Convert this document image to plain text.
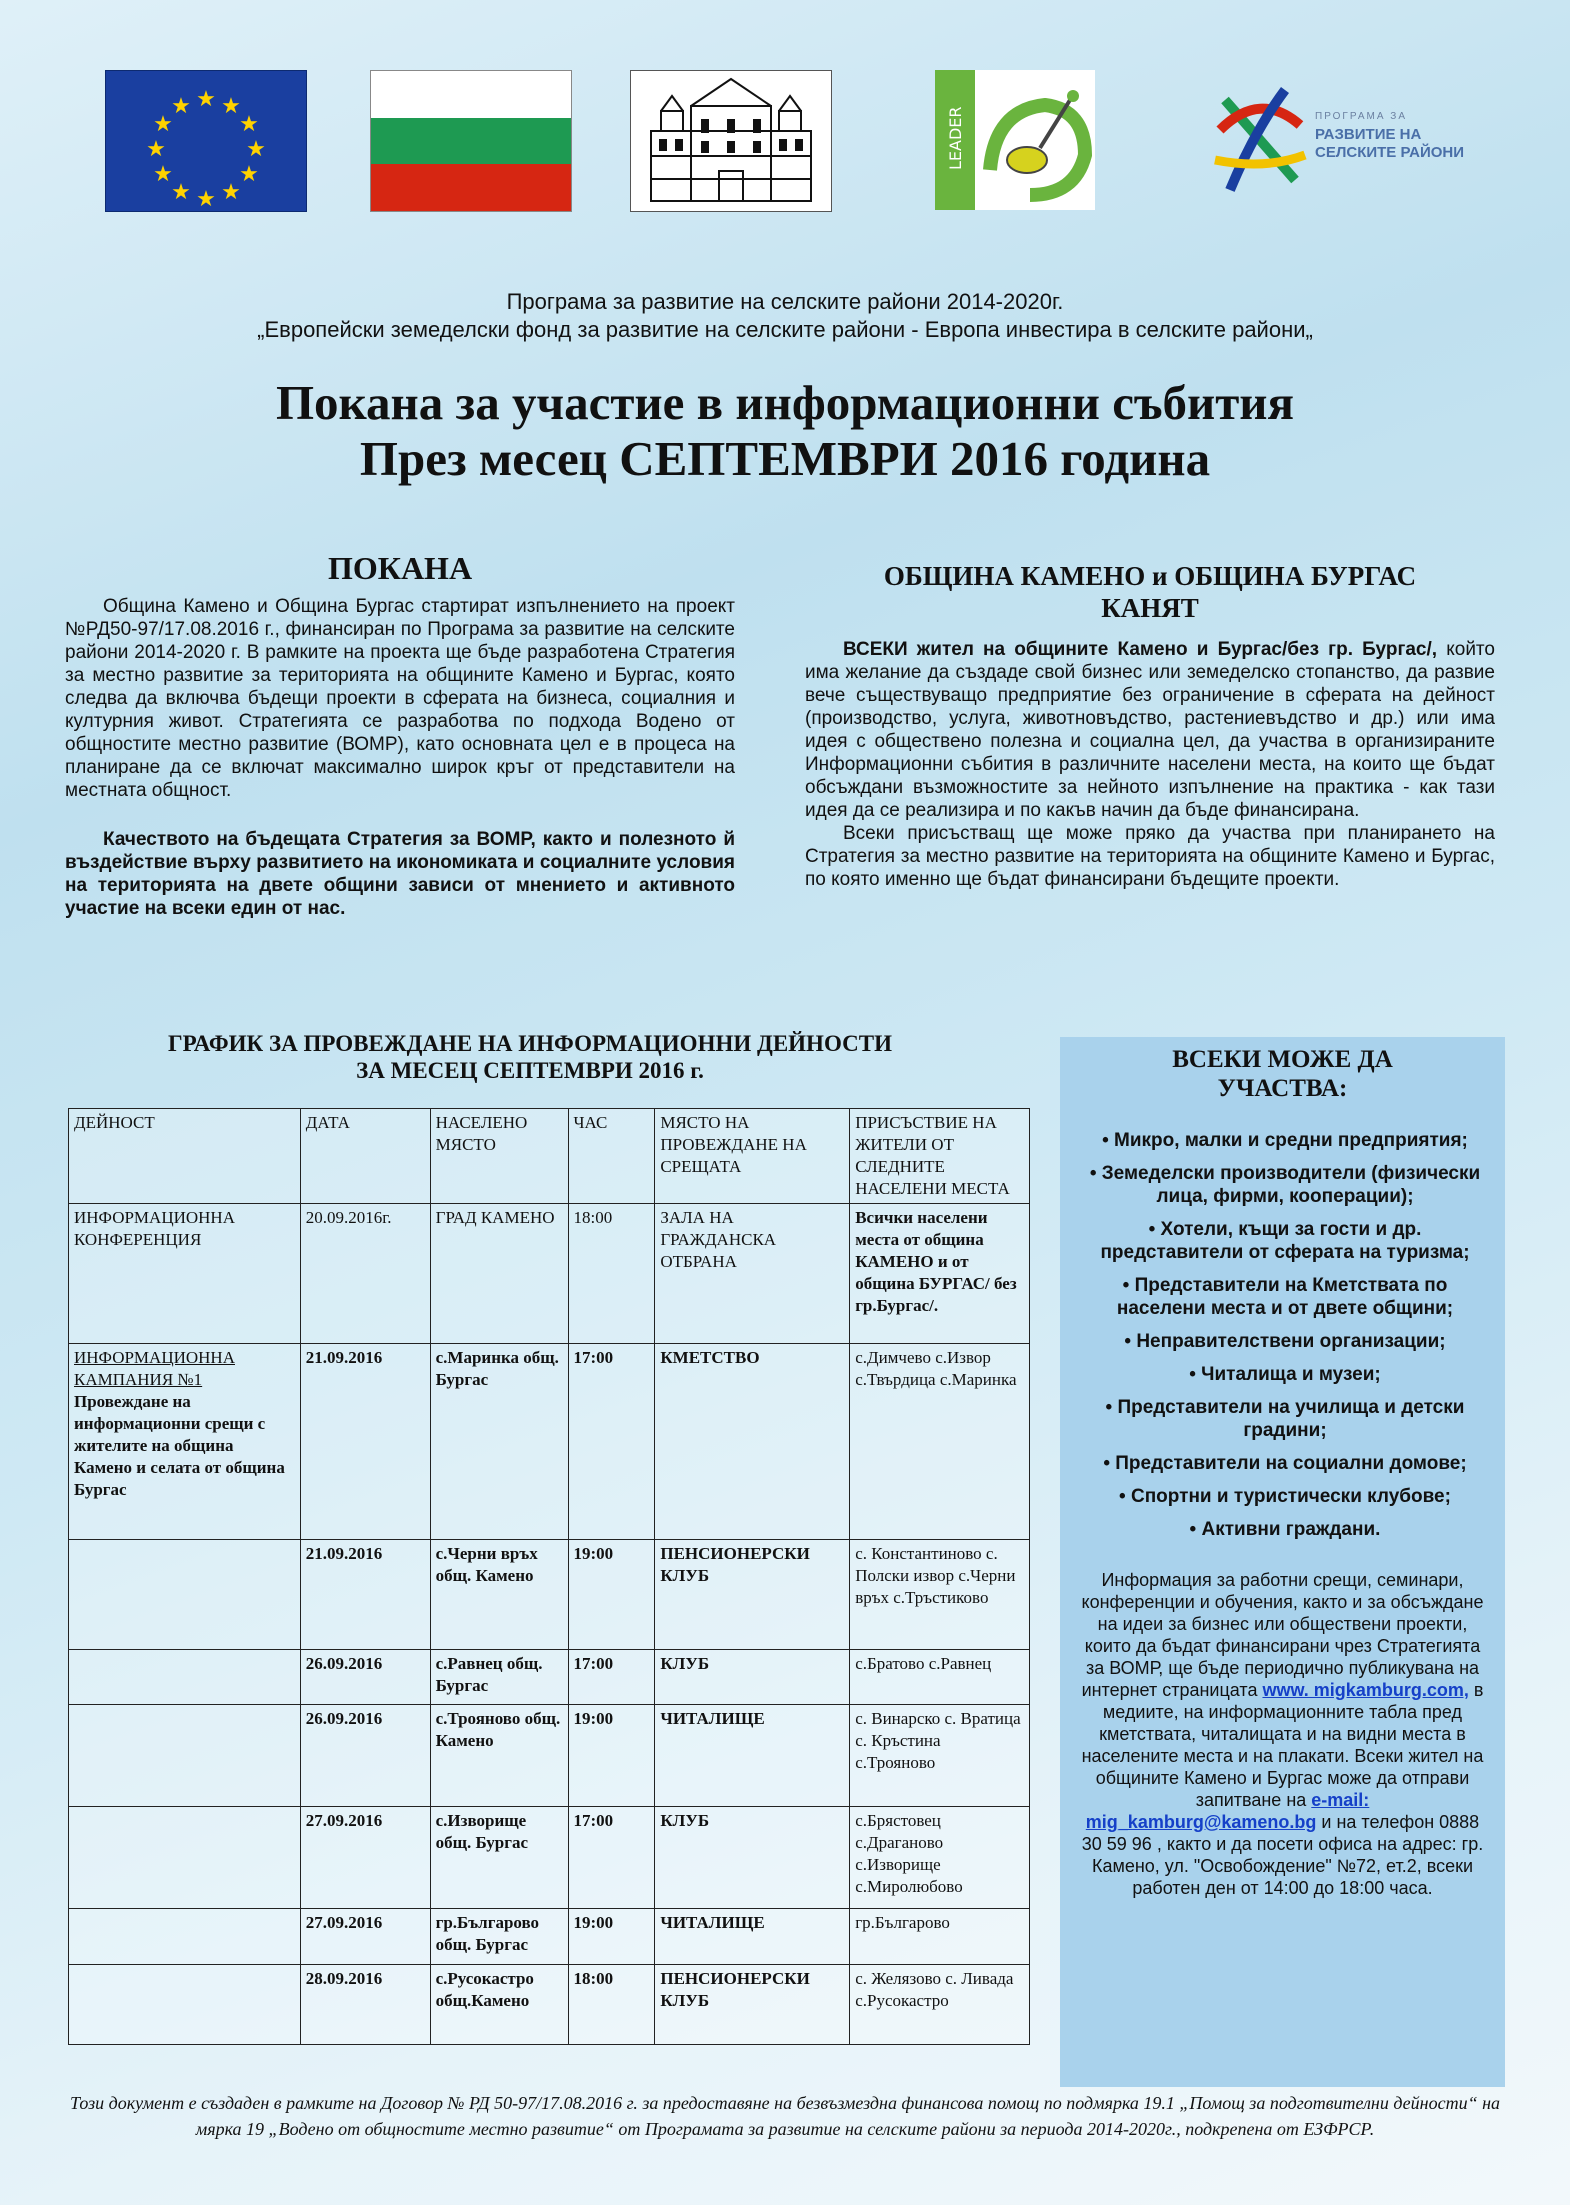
★ ★
★
★
★
★
★
★
★
★
★
★	LEADER	ПРОГРАМА ЗА
РАЗВИТИЕ НА
СЕЛСКИТЕ РАЙОНИ
Програма за развитие на селските райони 2014-2020г.
„Европейски земеделски фонд за развитие на селските райони - Европа инвестира в селските райони„
Покана за участие в информационни събития
През месец СЕПТЕМВРИ 2016 година
ПОКАНА

Община Камено и Община Бургас стартират изпълнението на проект №РД50-97/17.08.2016 г., финансиран по Програма за развитие на селските райони 2014-2020 г. В рамките на проекта ще бъде разработена Стратегия за местно развитие за територията на общините Камено и Бургас, която следва да включва бъдещи проекти в сферата на бизнеса, социалния и културния живот. Стратегията се разработва по подхода Водено от общностите местно развитие (ВОМР), като основната цел е в процеса на планиране да се включат максимално широк кръг от представители на местната общност.

Качеството на бъдещата Стратегия за ВОМР, както и полезното й въздействие върху развитието на икономиката и социалните условия на територията на двете общини зависи от мнението и активното участие на всеки един от нас.

ОБЩИНА КАМЕНО и ОБЩИНА БУРГАС
КАНЯТ

ВСЕКИ жител на общините Камено и Бургас/без гр. Бургас/, който има желание да създаде свой бизнес или земеделско стопанство, да развие вече съществуващо предприятие без ограничение в сферата на дейност (производство, услуга, животновъдство, растениевъдство и др.) или има идея с обществено полезна и социална цел, да участва в организираните Информационни събития в различните населени места, на които ще бъдат обсъждани възможностите за нейното изпълнение на практика - как тази идея да се реализира и по какъв начин да бъде финансирана.

Всеки присъстващ ще може пряко да участва при планирането на Стратегия за местно развитие на територията на общините Камено и Бургас, по която именно ще бъдат финансирани бъдещите проекти.

ГРАФИК ЗА ПРОВЕЖДАНЕ НА ИНФОРМАЦИОННИ ДЕЙНОСТИ
ЗА МЕСЕЦ СЕПТЕМВРИ 2016 г.
ДЕЙНОСТ	ДАТА	НАСЕЛЕНО МЯСТО	ЧАС	МЯСТО НА ПРОВЕЖДАНЕ НА СРЕЩАТА	ПРИСЪСТВИЕ НА ЖИТЕЛИ ОТ СЛЕДНИТЕ НАСЕЛЕНИ МЕСТА
ИНФОРМАЦИОННА КОНФЕРЕНЦИЯ	20.09.2016г.	ГРАД КАМЕНО	18:00	ЗАЛА НА ГРАЖДАНСКА ОТБРАНА	Всички населени места от община КАМЕНО и от община БУРГАС/ без гр.Бургас/.

ИНФОРМАЦИОННА КАМПАНИЯ №1
Провеждане на информационни срещи с жителите на община Камено и селата от община Бургас	21.09.2016	с.Маринка общ. Бургас	17:00	КМЕТСТВО	с.Димчево с.Извор с.Твърдица с.Маринка
	21.09.2016	с.Черни връх общ. Камено	19:00	ПЕНСИОНЕРСКИ КЛУБ	с. Константиново с. Полски извор с.Черни връх с.Тръстиково
	26.09.2016	с.Равнец общ. Бургас	17:00	КЛУБ	с.Братово с.Равнец
	26.09.2016	с.Трояново общ. Камено	19:00	ЧИТАЛИЩЕ	с. Винарско с. Вратица с. Кръстина с.Трояново
	27.09.2016	с.Изворище общ. Бургас	17:00	КЛУБ	с.Брястовец с.Драганово с.Изворище с.Миролюбово
	27.09.2016	гр.Българово общ. Бургас	19:00	ЧИТАЛИЩЕ	гр.Българово
	28.09.2016	с.Русокастро общ.Камено	18:00	ПЕНСИОНЕРСКИ КЛУБ	с. Желязово с. Ливада с.Русокастро
ВСЕКИ МОЖЕ ДА
УЧАСТВА:
• Микро, малки и средни предприятия;
• Земеделски производители (физически лица, фирми, кооперации);
• Хотели, къщи за гости и др. представители от сферата на туризма;
• Представители на Кметствата по населени места и от двете общини;
• Неправителствени организации;
• Читалища и музеи;
• Представители на училища и детски градини;
• Представители на социални домове;
• Спортни и туристически клубове;
• Активни граждани.
Информация за работни срещи, семинари, конференции и обучения, както и за обсъждане на идеи за бизнес или обществени проекти, които да бъдат финансирани чрез Стратегията за ВОМР, ще бъде периодично публикувана на интернет страницата www. migkamburg.com, в медиите, на информационните табла пред кметствата, читалищата и на видни места в населените места и на плакати. Всеки жител на общините Камено и Бургас може да отправи запитване на e-mail: mig_kamburg@kameno.bg и на телефон 0888 30 59 96 , както и да посети офиса на адрес: гр. Камено, ул. "Освобождение" №72, ет.2, всеки работен ден от 14:00 до 18:00 часа.
Този документ е създаден в рамките на Договор № РД 50-97/17.08.2016 г. за предоставяне на безвъзмездна финансова помощ по подмярка 19.1 „Помощ за подготвителни дейности“ на мярка 19 „Водено от общностите местно развитие“ от Програмата за развитие на селските райони за периода 2014-2020г., подкрепена от ЕЗФРСР.
